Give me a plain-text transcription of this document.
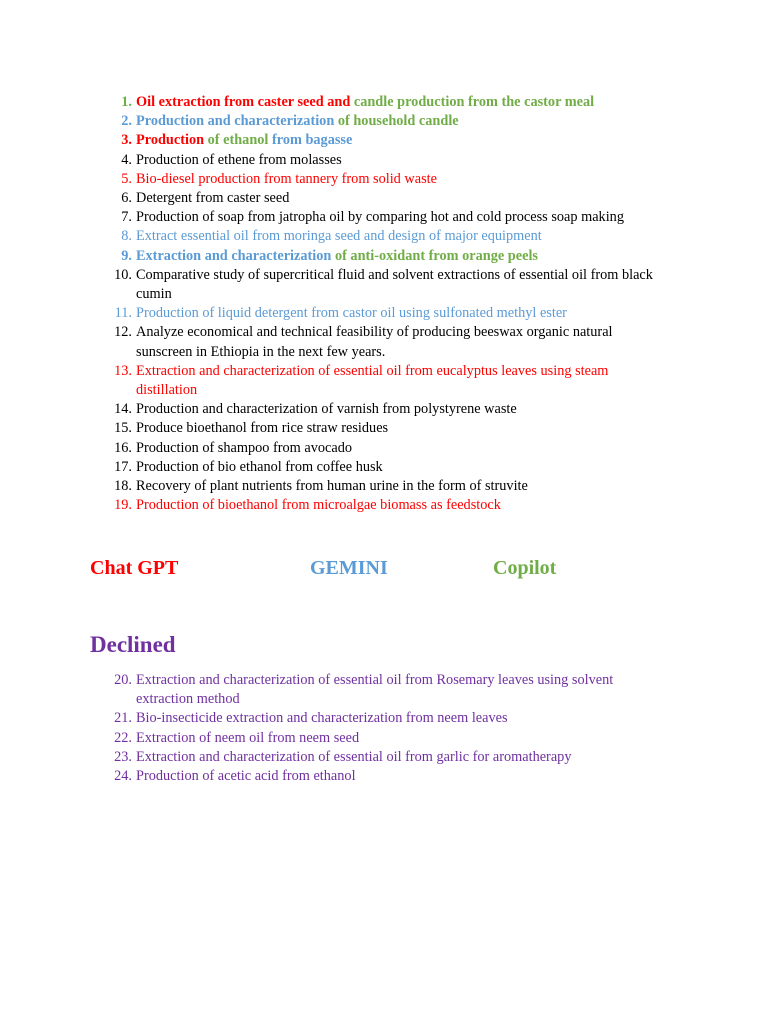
1. Oil extraction from caster seed and candle production from the castor meal
2. Production and characterization of household candle
3. Production of ethanol from bagasse
4. Production of ethene from molasses
5. Bio-diesel production from tannery from solid waste
6. Detergent from caster seed
7. Production of soap from jatropha oil by comparing hot and cold process soap making
8. Extract essential oil from moringa seed and design of major equipment
9. Extraction and characterization of anti-oxidant from orange peels
10. Comparative study of supercritical fluid and solvent extractions of essential oil from black cumin
11. Production of liquid detergent from castor oil using sulfonated methyl ester
12. Analyze economical and technical feasibility of producing beeswax organic natural sunscreen in Ethiopia in the next few years.
13. Extraction and characterization of essential oil from eucalyptus leaves using steam distillation
14. Production and characterization of varnish from polystyrene waste
15. Produce bioethanol from rice straw residues
16. Production of shampoo from avocado
17. Production of bio ethanol from coffee husk
18. Recovery of plant nutrients from human urine in the form of struvite
19. Production of bioethanol from microalgae biomass as feedstock
Chat GPT	GEMINI	Copilot
Declined
20. Extraction and characterization of essential oil from Rosemary leaves using solvent extraction method
21. Bio-insecticide extraction and characterization from neem leaves
22. Extraction of neem oil from neem seed
23. Extraction and characterization of essential oil from garlic for aromatherapy
24. Production of acetic acid from ethanol
